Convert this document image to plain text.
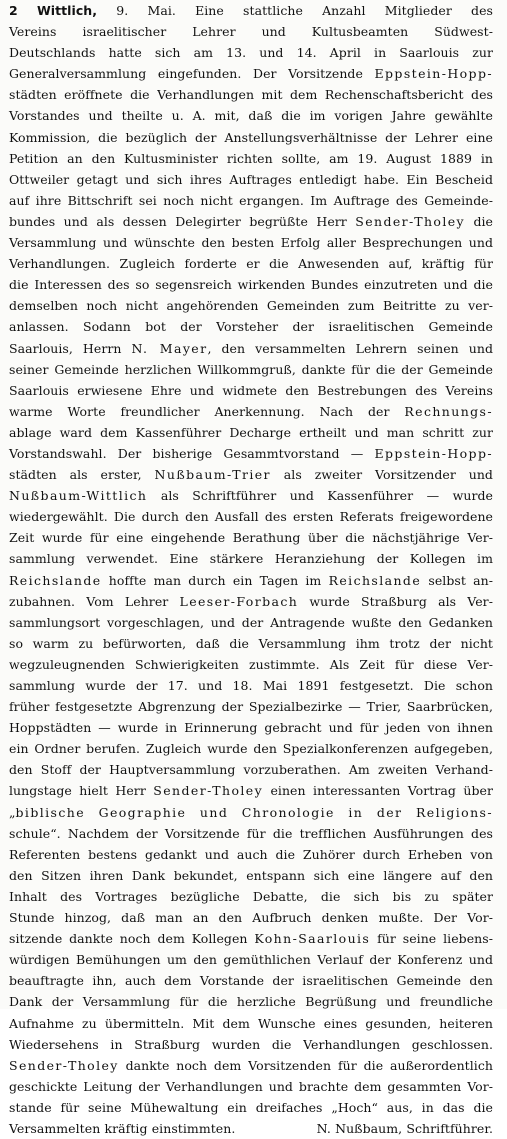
2 Wittlich, 9. Mai. Eine stattliche Anzahl Mitglieder des
Vereins israelitischer Lehrer und Kultusbeamten Südwest-
Deutschlands hatte sich am 13. und 14. April in Saarlouis zur
Generalversammlung eingefunden. Der Vorsitzende Eppstein-Hopp-
städten eröffnete die Verhandlungen mit dem Rechenschaftsbericht des
Vorstandes und theilte u. A. mit, daß die im vorigen Jahre gewählte
Kommission, die bezüglich der Anstellungsverhältnisse der Lehrer eine
Petition an den Kultusminister richten sollte, am 19. August 1889 in
Ottweiler getagt und sich ihres Auftrages entledigt habe. Ein Bescheid
auf ihre Bittschrift sei noch nicht ergangen. Im Auftrage des Gemeinde-
bundes und als dessen Delegirter begrüßte Herr Sender-Tholey die
Versammlung und wünschte den besten Erfolg aller Besprechungen und
Verhandlungen. Zugleich forderte er die Anwesenden auf, kräftig für
die Interessen des so segensreich wirkenden Bundes einzutreten und die
demselben noch nicht angehörenden Gemeinden zum Beitritte zu ver-
anlassen. Sodann bot der Vorsteher der israelitischen Gemeinde
Saarlouis, Herrn N. Mayer, den versammelten Lehrern seinen und
seiner Gemeinde herzlichen Willkommgruß, dankte für die der Gemeinde
Saarlouis erwiesene Ehre und widmete den Bestrebungen des Vereins
warme Worte freundlicher Anerkennung. Nach der Rechnungs-
ablage ward dem Kassenführer Decharge ertheilt und man schritt zur
Vorstandswahl. Der bisherige Gesammtvorstand — Eppstein-Hopp-
städten als erster, Nußbaum-Trier als zweiter Vorsitzender und
Nußbaum-Wittlich als Schriftführer und Kassenführer — wurde
wiedergewählt. Die durch den Ausfall des ersten Referats freigewordene
Zeit wurde für eine eingehende Berathung über die nächstjährige Ver-
sammlung verwendet. Eine stärkere Heranziehung der Kollegen im
Reichslande hoffte man durch ein Tagen im Reichslande selbst an-
zubahnen. Vom Lehrer Leeser-Forbach wurde Straßburg als Ver-
sammlungsort vorgeschlagen, und der Antragende wußte den Gedanken
so warm zu befürworten, daß die Versammlung ihm trotz der nicht
wegzuleugnenden Schwierigkeiten zustimmte. Als Zeit für diese Ver-
sammlung wurde der 17. und 18. Mai 1891 festgesetzt. Die schon
früher festgesetzte Abgrenzung der Spezialbezirke — Trier, Saarbrücken,
Hoppstädten — wurde in Erinnerung gebracht und für jeden von ihnen
ein Ordner berufen. Zugleich wurde den Spezialkonferenzen aufgegeben,
den Stoff der Hauptversammlung vorzuberathen. Am zweiten Verhand-
lungstage hielt Herr Sender-Tholey einen interessanten Vortrag über
„biblische Geographie und Chronologie in der Religions-
schule“. Nachdem der Vorsitzende für die trefflichen Ausführungen des
Referenten bestens gedankt und auch die Zuhörer durch Erheben von
den Sitzen ihren Dank bekundet, entspann sich eine längere auf den
Inhalt des Vortrages bezügliche Debatte, die sich bis zu später
Stunde hinzog, daß man an den Aufbruch denken mußte. Der Vor-
sitzende dankte noch dem Kollegen Kohn-Saarlouis für seine liebens-
würdigen Bemühungen um den gemüthlichen Verlauf der Konferenz und
beauftragte ihn, auch dem Vorstande der israelitischen Gemeinde den
Dank der Versammlung für die herzliche Begrüßung und freundliche
Aufnahme zu übermitteln. Mit dem Wunsche eines gesunden, heiteren
Wiedersehens in Straßburg wurden die Verhandlungen geschlossen.
Sender-Tholey dankte noch dem Vorsitzenden für die außerordentlich
geschickte Leitung der Verhandlungen und brachte dem gesammten Vor-
stande für seine Mühewaltung ein dreifaches „Hoch“ aus, in das die
Versammelten kräftig einstimmten.	N. Nußbaum, Schriftführer.
